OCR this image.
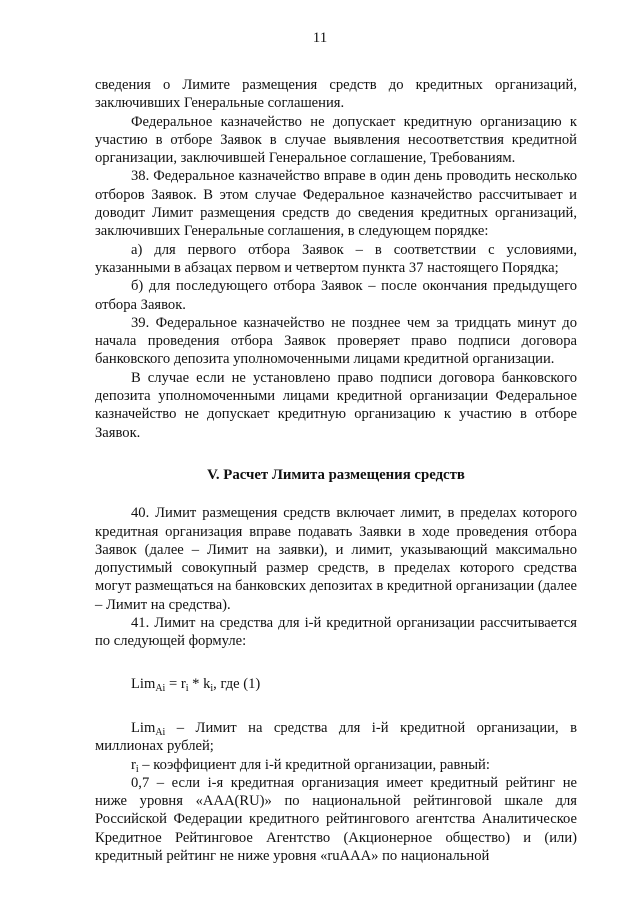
11

сведения о Лимите размещения средств до кредитных организаций, заключивших Генеральные соглашения.

Федеральное казначейство не допускает кредитную организацию к участию в отборе Заявок в случае выявления несоответствия кредитной организации, заключившей Генеральное соглашение, Требованиям.

38. Федеральное казначейство вправе в один день проводить несколько отборов Заявок. В этом случае Федеральное казначейство рассчитывает и доводит Лимит размещения средств до сведения кредитных организаций, заключивших Генеральные соглашения, в следующем порядке:

а) для первого отбора Заявок – в соответствии с условиями, указанными в абзацах первом и четвертом пункта 37 настоящего Порядка;

б) для последующего отбора Заявок – после окончания предыдущего отбора Заявок.

39. Федеральное казначейство не позднее чем за тридцать минут до начала проведения отбора Заявок проверяет право подписи договора банковского депозита уполномоченными лицами кредитной организации.

В случае если не установлено право подписи договора банковского депозита уполномоченными лицами кредитной организации Федеральное казначейство не допускает кредитную организацию к участию в отборе Заявок.

V. Расчет Лимита размещения средств

40. Лимит размещения средств включает лимит, в пределах которого кредитная организация вправе подавать Заявки в ходе проведения отбора Заявок (далее – Лимит на заявки), и лимит, указывающий максимально допустимый совокупный размер средств, в пределах которого средства могут размещаться на банковских депозитах в кредитной организации (далее – Лимит на средства).

41. Лимит на средства для i-й кредитной организации рассчитывается по следующей формуле:

$Lim_{Ai} = r_i * k_i$, где (1)

Lim$_{Ai}$ – Лимит на средства для i-й кредитной организации, в миллионах рублей;

$r_i$ – коэффициент для i-й кредитной организации, равный:

0,7 – если i-я кредитная организация имеет кредитный рейтинг не ниже уровня «AAA(RU)» по национальной рейтинговой шкале для Российской Федерации кредитного рейтингового агентства Аналитическое Кредитное Рейтинговое Агентство (Акционерное общество) и (или) кредитный рейтинг не ниже уровня «ruAAA» по национальной
